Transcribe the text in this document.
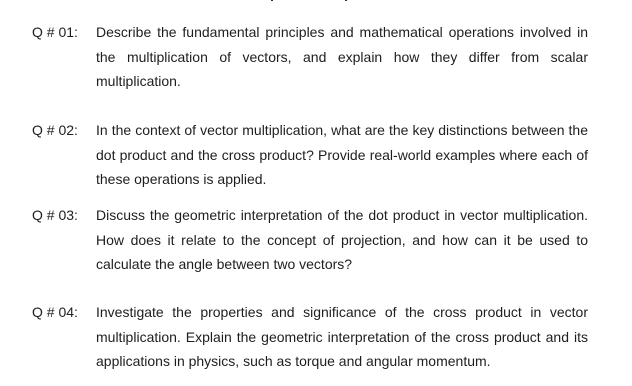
Q # 01:	Describe the fundamental principles and mathematical operations involved in the multiplication of vectors, and explain how they differ from scalar multiplication.
Q # 02:	In the context of vector multiplication, what are the key distinctions between the dot product and the cross product? Provide real-world examples where each of these operations is applied.
Q # 03:	Discuss the geometric interpretation of the dot product in vector multiplication. How does it relate to the concept of projection, and how can it be used to calculate the angle between two vectors?
Q # 04:	Investigate the properties and significance of the cross product in vector multiplication. Explain the geometric interpretation of the cross product and its applications in physics, such as torque and angular momentum.
